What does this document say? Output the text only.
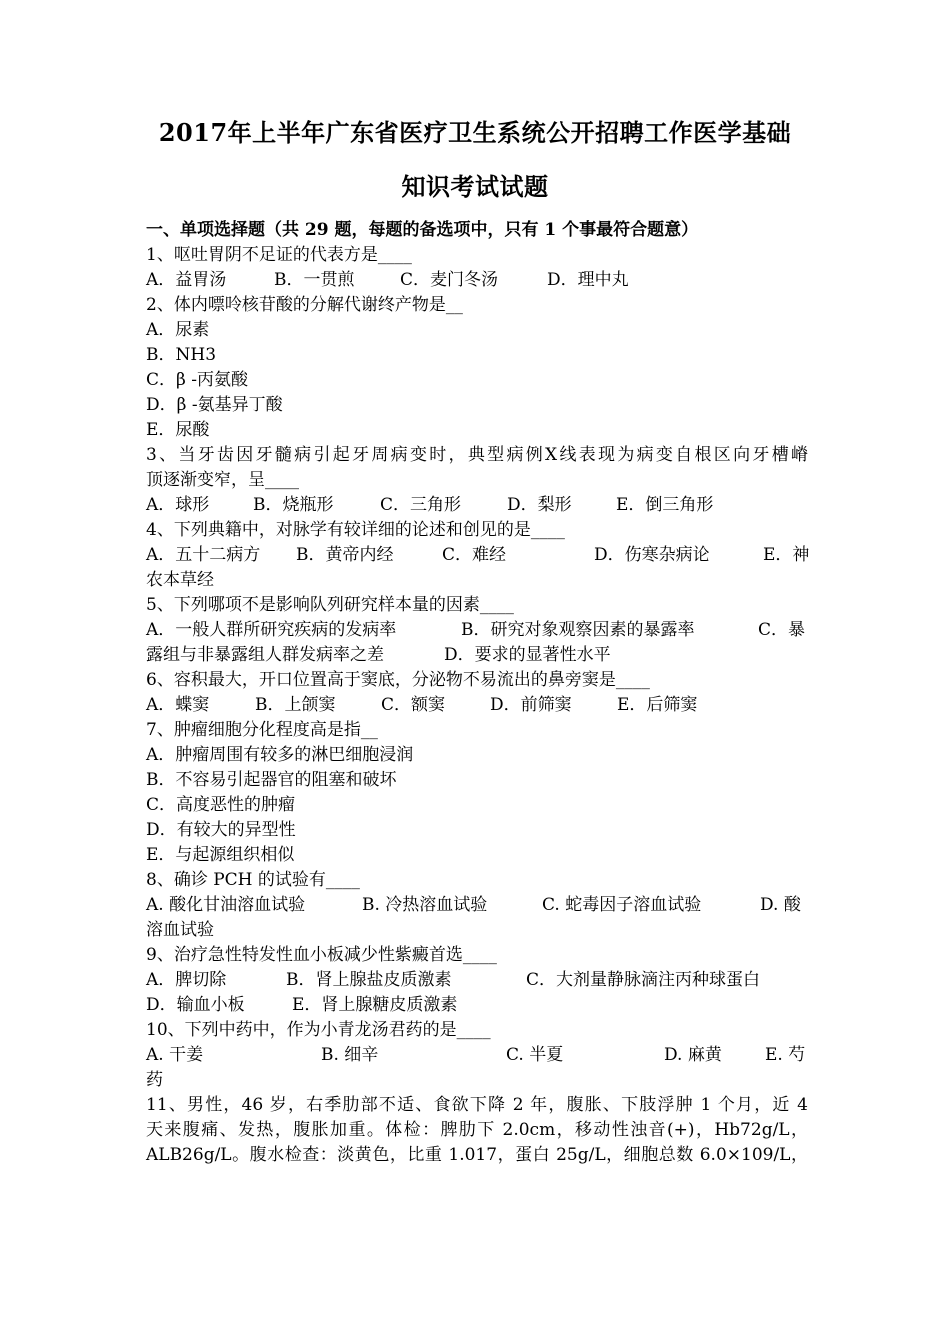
2017年上半年广东省医疗卫生系统公开招聘工作医学基础
知识考试试题
一、单项选择题（共 29 题，每题的备选项中，只有 1 个事最符合题意）
1、呕吐胃阴不足证的代表方是____
A．益胃汤	B．一贯煎	C．麦门冬汤	D．理中丸
2、体内嘌呤核苷酸的分解代谢终产物是__
A．尿素
B．NH3
C．β -丙氨酸
D．β -氨基异丁酸
E．尿酸
3、当牙齿因牙髓病引起牙周病变时，典型病例X线表现为病变自根区向牙槽嵴
顶逐渐变窄，呈____
A．球形	B．烧瓶形	C．三角形	D．梨形	E．倒三角形
4、下列典籍中，对脉学有较详细的论述和创见的是____
A．五十二病方 B．黄帝内经	C．难经	D．伤寒杂病论	E．神
农本草经
5、下列哪项不是影响队列研究样本量的因素____
A．一般人群所研究疾病的发病率	B．研究对象观察因素的暴露率	C．暴
露组与非暴露组人群发病率之差	D．要求的显著性水平
6、容积最大，开口位置高于窦底，分泌物不易流出的鼻旁窦是____
A．蝶窦	B．上颌窦	C．额窦	D．前筛窦	E．后筛窦
7、肿瘤细胞分化程度高是指__
A．肿瘤周围有较多的淋巴细胞浸润
B．不容易引起器官的阻塞和破坏
C．高度恶性的肿瘤
D．有较大的异型性
E．与起源组织相似
8、确诊 PCH 的试验有____
A. 酸化甘油溶血试验	B. 冷热溶血试验	C. 蛇毒因子溶血试验	D. 酸
溶血试验
9、治疗急性特发性血小板减少性紫癜首选____
A．脾切除	B．肾上腺盐皮质激素	C．大剂量静脉滴注丙种球蛋白
D．输血小板	E．肾上腺糖皮质激素
10、下列中药中，作为小青龙汤君药的是____
A. 干姜	B. 细辛	C. 半夏	D. 麻黄	E. 芍
药
11、男性，46 岁，右季肋部不适、食欲下降 2 年，腹胀、下肢浮肿 1 个月，近 4
天来腹痛、发热，腹胀加重。体检：脾肋下 2.0cm，移动性浊音(+)，Hb72g/L，
ALB26g/L。腹水检查：淡黄色，比重 1.017，蛋白 25g/L，细胞总数 6.0×109/L，
